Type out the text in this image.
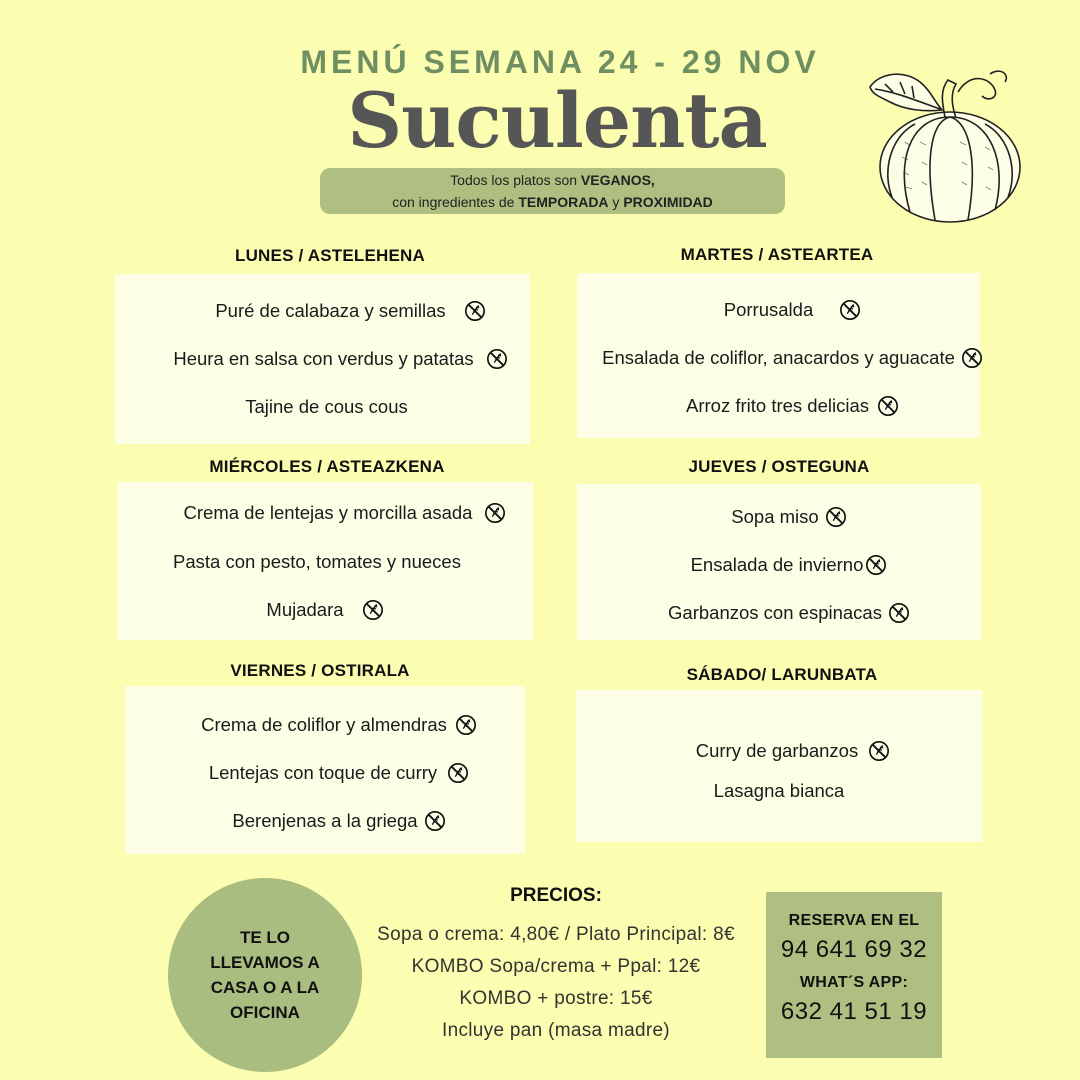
MENÚ SEMANA 24 - 29 NOV
Suculenta
Todos los platos son VEGANOS,
con ingredientes de TEMPORADA y PROXIMIDAD
LUNES / ASTELEHENA
Puré de calabaza y semillas
Heura en salsa con verdus y patatas
Tajine de cous cous
MARTES / ASTEARTEA
Porrusalda
Ensalada de coliflor, anacardos y aguacate
Arroz frito tres delicias
MIÉRCOLES / ASTEAZKENA
Crema de lentejas y morcilla asada
Pasta con pesto, tomates y nueces
Mujadara
JUEVES / OSTEGUNA
Sopa miso
Ensalada de invierno
Garbanzos con espinacas
VIERNES / OSTIRALA
Crema de coliflor y almendras
Lentejas con toque de curry
Berenjenas a la griega
SÁBADO/ LARUNBATA
Curry de garbanzos
Lasagna bianca
TE LO LLEVAMOS A CASA O A LA OFICINA
PRECIOS:
Sopa o crema: 4,80€ / Plato Principal: 8€
KOMBO Sopa/crema + Ppal: 12€
KOMBO + postre: 15€
Incluye pan (masa madre)
RESERVA EN EL
94 641 69 32
WHAT´S APP:
632 41 51 19
